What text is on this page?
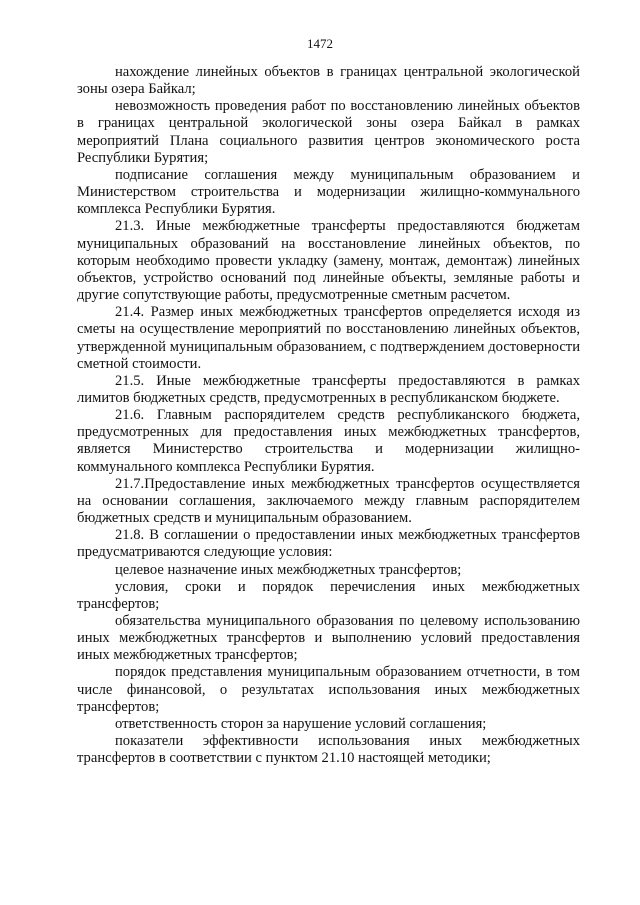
1472

нахождение линейных объектов в границах центральной экологической зоны озера Байкал;

невозможность проведения работ по восстановлению линейных объектов в границах центральной экологической зоны озера Байкал в рамках мероприятий Плана социального развития центров экономического роста Республики Бурятия;

подписание соглашения между муниципальным образованием и Министерством строительства и модернизации жилищно-коммунального комплекса Республики Бурятия.

21.3. Иные межбюджетные трансферты предоставляются бюджетам муниципальных образований на восстановление линейных объектов, по которым необходимо провести укладку (замену, монтаж, демонтаж) линейных объектов, устройство оснований под линейные объекты, земляные работы и другие сопутствующие работы, предусмотренные сметным расчетом.

21.4. Размер иных межбюджетных трансфертов определяется исходя из сметы на осуществление мероприятий по восстановлению линейных объектов, утвержденной муниципальным образованием, с подтверждением достоверности сметной стоимости.

21.5. Иные межбюджетные трансферты предоставляются в рамках лимитов бюджетных средств, предусмотренных в республиканском бюджете.

21.6. Главным распорядителем средств республиканского бюджета, предусмотренных для предоставления иных межбюджетных трансфертов, является Министерство строительства и модернизации жилищно-коммунального комплекса Республики Бурятия.

21.7.Предоставление иных межбюджетных трансфертов осуществляется на основании соглашения, заключаемого между главным распорядителем бюджетных средств и муниципальным образованием.

21.8. В соглашении о предоставлении иных межбюджетных трансфертов предусматриваются следующие условия:

целевое назначение иных межбюджетных трансфертов;

условия, сроки и порядок перечисления иных межбюджетных трансфертов;

обязательства муниципального образования по целевому использованию иных межбюджетных трансфертов и выполнению условий предоставления иных межбюджетных трансфертов;

порядок представления муниципальным образованием отчетности, в том числе финансовой, о результатах использования иных межбюджетных трансфертов;

ответственность сторон за нарушение условий соглашения;

показатели эффективности использования иных межбюджетных трансфертов в соответствии с пунктом 21.10 настоящей методики;
